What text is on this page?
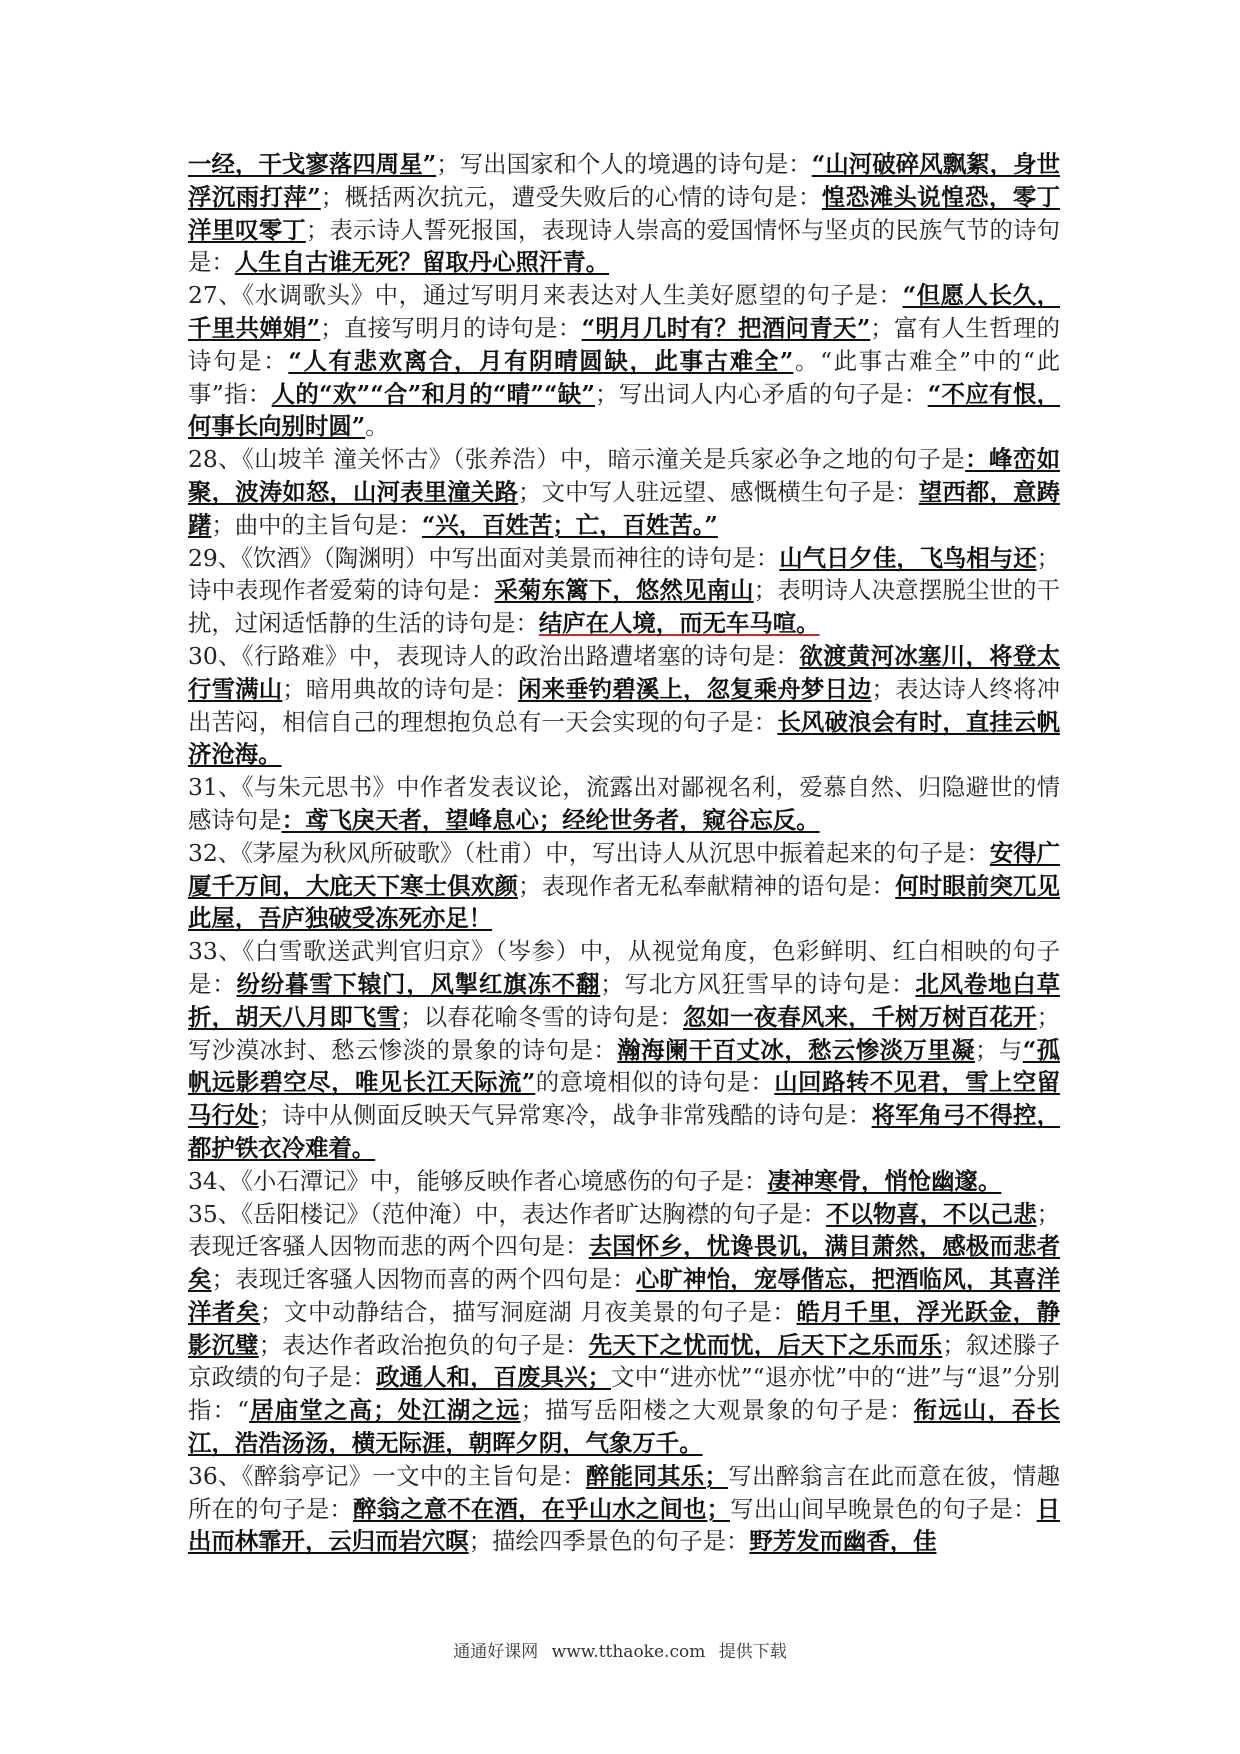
一经，干戈寥落四周星”；写出国家和个人的境遇的诗句是：“山河破碎风飘絮，身世浮沉雨打萍”；概括两次抗元，遭受失败后的心情的诗句是：惶恐滩头说惶恐，零丁洋里叹零丁；表示诗人誓死报国，表现诗人崇高的爱国情怀与坚贞的民族气节的诗句是：人生自古谁无死？留取丹心照汗青。

27、《水调歌头》中，通过写明月来表达对人生美好愿望的句子是：“但愿人长久，千里共婵娟”；直接写明月的诗句是：“明月几时有？把酒问青天”；富有人生哲理的诗句是：“人有悲欢离合，月有阴晴圆缺，此事古难全”。“此事古难全”中的“此事”指：人的“欢”“合”和月的“晴”“缺”；写出词人内心矛盾的句子是：“不应有恨，何事长向别时圆”。

28、《山坡羊 潼关怀古》（张养浩）中，暗示潼关是兵家必争之地的句子是：峰峦如聚，波涛如怒，山河表里潼关路；文中写人驻远望、感慨横生句子是：望西都，意踌躇；曲中的主旨句是：“兴，百姓苦；亡，百姓苦。”

29、《饮酒》（陶渊明）中写出面对美景而神往的诗句是：山气日夕佳，飞鸟相与还；诗中表现作者爱菊的诗句是：采菊东篱下，悠然见南山；表明诗人决意摆脱尘世的干扰，过闲适恬静的生活的诗句是：结庐在人境，而无车马喧。

30、《行路难》中，表现诗人的政治出路遭堵塞的诗句是：欲渡黄河冰塞川，将登太行雪满山；暗用典故的诗句是：闲来垂钓碧溪上，忽复乘舟梦日边；表达诗人终将冲出苦闷，相信自己的理想抱负总有一天会实现的句子是：长风破浪会有时，直挂云帆济沧海。

31、《与朱元思书》中作者发表议论，流露出对鄙视名利，爱慕自然、归隐避世的情感诗句是：鸢飞戾天者，望峰息心；经纶世务者，窥谷忘反。

32、《茅屋为秋风所破歌》（杜甫）中，写出诗人从沉思中振着起来的句子是：安得广厦千万间，大庇天下寒士俱欢颜；表现作者无私奉献精神的语句是：何时眼前突兀见此屋，吾庐独破受冻死亦足！

33、《白雪歌送武判官归京》（岑参）中，从视觉角度，色彩鲜明、红白相映的句子是：纷纷暮雪下辕门，风掣红旗冻不翻；写北方风狂雪早的诗句是：北风卷地白草折，胡天八月即飞雪；以春花喻冬雪的诗句是：忽如一夜春风来，千树万树百花开；写沙漠冰封、愁云惨淡的景象的诗句是：瀚海阑干百丈冰，愁云惨淡万里凝；与“孤帆远影碧空尽，唯见长江天际流”的意境相似的诗句是：山回路转不见君，雪上空留马行处；诗中从侧面反映天气异常寒冷，战争非常残酷的诗句是：将军角弓不得控，都护铁衣冷难着。

34、《小石潭记》中，能够反映作者心境感伤的句子是：凄神寒骨，悄怆幽邃。

35、《岳阳楼记》（范仲淹）中，表达作者旷达胸襟的句子是：不以物喜，不以己悲；表现迁客骚人因物而悲的两个四句是：去国怀乡，忧谗畏讥，满目萧然，感极而悲者矣；表现迁客骚人因物而喜的两个四句是：心旷神怡，宠辱偕忘，把酒临风，其喜洋洋者矣；文中动静结合，描写洞庭湖 月夜美景的句子是：皓月千里，浮光跃金，静影沉璧；表达作者政治抱负的句子是：先天下之忧而忧，后天下之乐而乐；叙述滕子京政绩的句子是：政通人和，百废具兴；文中“进亦忧”“退亦忧”中的“进”与“退”分别指：“居庙堂之高；处江湖之远；描写岳阳楼之大观景象的句子是：衔远山，吞长江，浩浩汤汤，横无际涯，朝晖夕阴，气象万千。

36、《醉翁亭记》一文中的主旨句是：醉能同其乐；写出醉翁言在此而意在彼，情趣所在的句子是：醉翁之意不在酒，在乎山水之间也；写出山间早晚景色的句子是：日出而林霏开，云归而岩穴暝；描绘四季景色的句子是：野芳发而幽香，佳

通通好课网 www.tthaoke.com 提供下载
